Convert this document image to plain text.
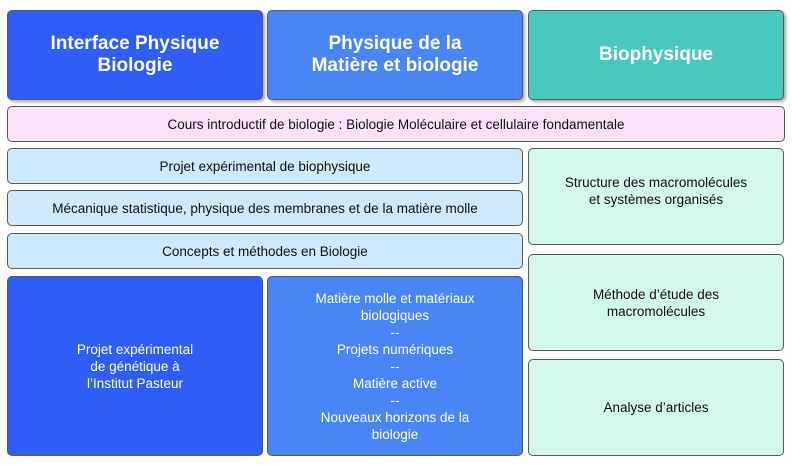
Interface Physique
Biologie
Physique de la
Matière et biologie
Biophysique
Cours introductif de biologie : Biologie Moléculaire et cellulaire fondamentale
Projet expérimental de biophysique
Mécanique statistique, physique des membranes et de la matière molle
Concepts et méthodes en Biologie
Projet expérimental
de génétique à
l’Institut Pasteur
Matière molle et matériaux
biologiques
--
Projets numériques
--
Matière active
--
Nouveaux horizons de la
biologie
Structure des macromolécules
et systèmes organisés
Méthode d’étude des
macromolécules
Analyse d’articles
